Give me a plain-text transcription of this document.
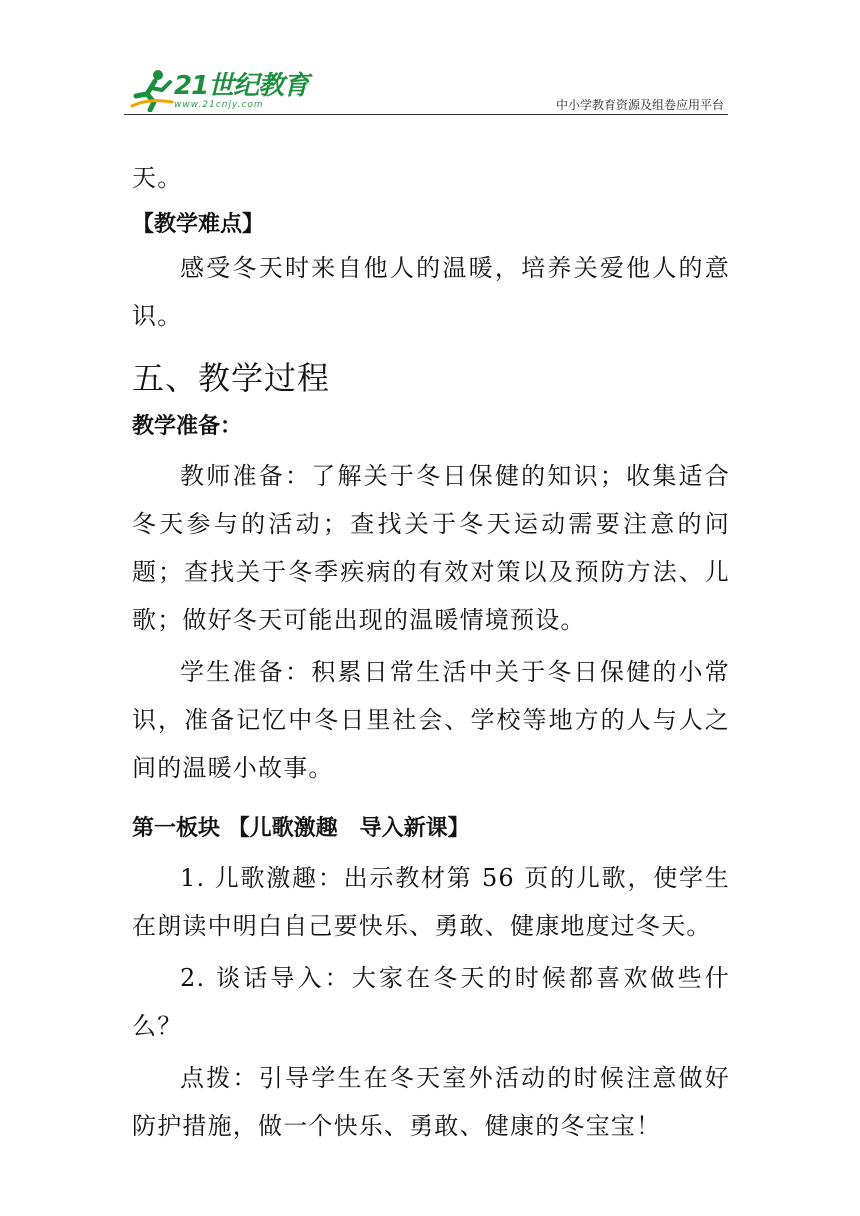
21世纪教育
www.21cnjy.com	中小学教育资源及组卷应用平台

天。

【教学难点】

感受冬天时来自他人的温暖，培养关爱他人的意识。

五、教学过程
教学准备：

教师准备：了解关于冬日保健的知识；收集适合冬天参与的活动；查找关于冬天运动需要注意的问题；查找关于冬季疾病的有效对策以及预防方法、儿歌；做好冬天可能出现的温暖情境预设。

学生准备：积累日常生活中关于冬日保健的小常识，准备记忆中冬日里社会、学校等地方的人与人之间的温暖小故事。

第一板块 【儿歌激趣　导入新课】

1. 儿歌激趣：出示教材第 56 页的儿歌，使学生在朗读中明白自己要快乐、勇敢、健康地度过冬天。

2. 谈话导入：大家在冬天的时候都喜欢做些什么？

点拨：引导学生在冬天室外活动的时候注意做好防护措施，做一个快乐、勇敢、健康的冬宝宝！
